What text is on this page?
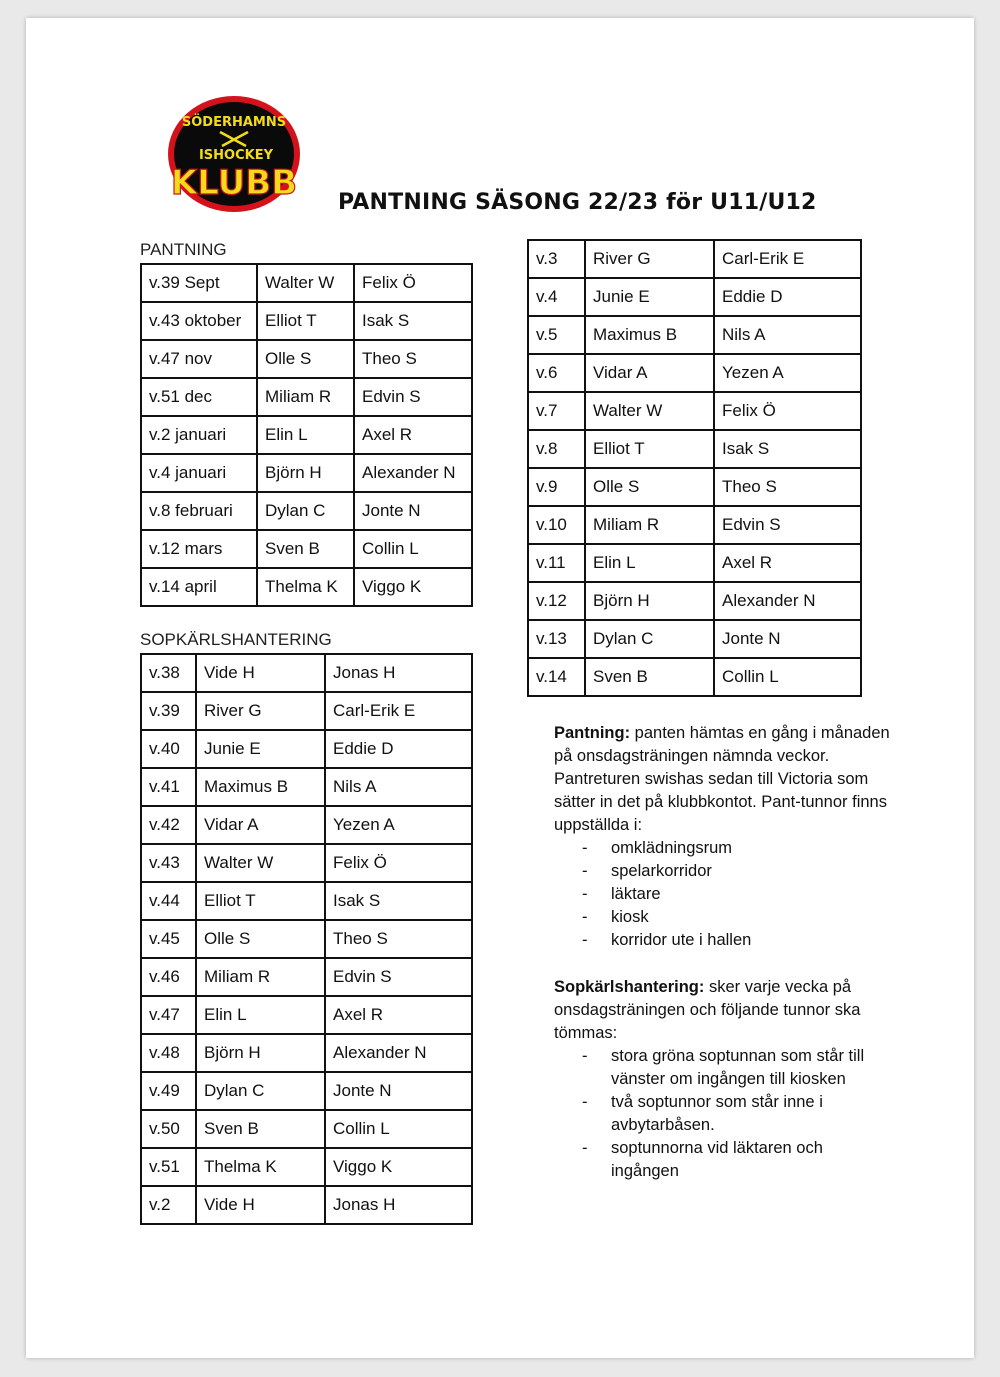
SÖDERHAMNS
ISHOCKEY
KLUBB PANTNING SÄSONG 22/23 för U11/U12
PANTNING
v.39 Sept	Walter W	Felix Ö
v.43 oktober	Elliot T	Isak S
v.47 nov	Olle S	Theo S
v.51 dec	Miliam R	Edvin S
v.2 januari	Elin L	Axel R
v.4 januari	Björn H	Alexander N
v.8 februari	Dylan C	Jonte N
v.12 mars	Sven B	Collin L
v.14 april	Thelma K	Viggo K
SOPKÄRLSHANTERING
v.38	Vide H	Jonas H
v.39	River G	Carl-Erik E
v.40	Junie E	Eddie D
v.41	Maximus B	Nils A
v.42	Vidar A	Yezen A
v.43	Walter W	Felix Ö
v.44	Elliot T	Isak S
v.45	Olle S	Theo S
v.46	Miliam R	Edvin S
v.47	Elin L	Axel R
v.48	Björn H	Alexander N
v.49	Dylan C	Jonte N
v.50	Sven B	Collin L
v.51	Thelma K	Viggo K
v.2	Vide H	Jonas H
v.3	River G	Carl-Erik E
v.4	Junie E	Eddie D
v.5	Maximus B	Nils A
v.6	Vidar A	Yezen A
v.7	Walter W	Felix Ö
v.8	Elliot T	Isak S
v.9	Olle S	Theo S
v.10	Miliam R	Edvin S
v.11	Elin L	Axel R
v.12	Björn H	Alexander N
v.13	Dylan C	Jonte N
v.14	Sven B	Collin L

Pantning: panten hämtas en gång i månaden på onsdagsträningen nämnda veckor. Pantreturen swishas sedan till Victoria som sätter in det på klubbkontot. Pant-tunnor finns uppställda i:

- omklädningsrum
- spelarkorridor
- läktare
- kiosk
- korridor ute i hallen

Sopkärlshantering: sker varje vecka på onsdagsträningen och följande tunnor ska tömmas:

- stora gröna soptunnan som står till vänster om ingången till kiosken
- två soptunnor som står inne i avbytarbåsen.
- soptunnorna vid läktaren och ingången
